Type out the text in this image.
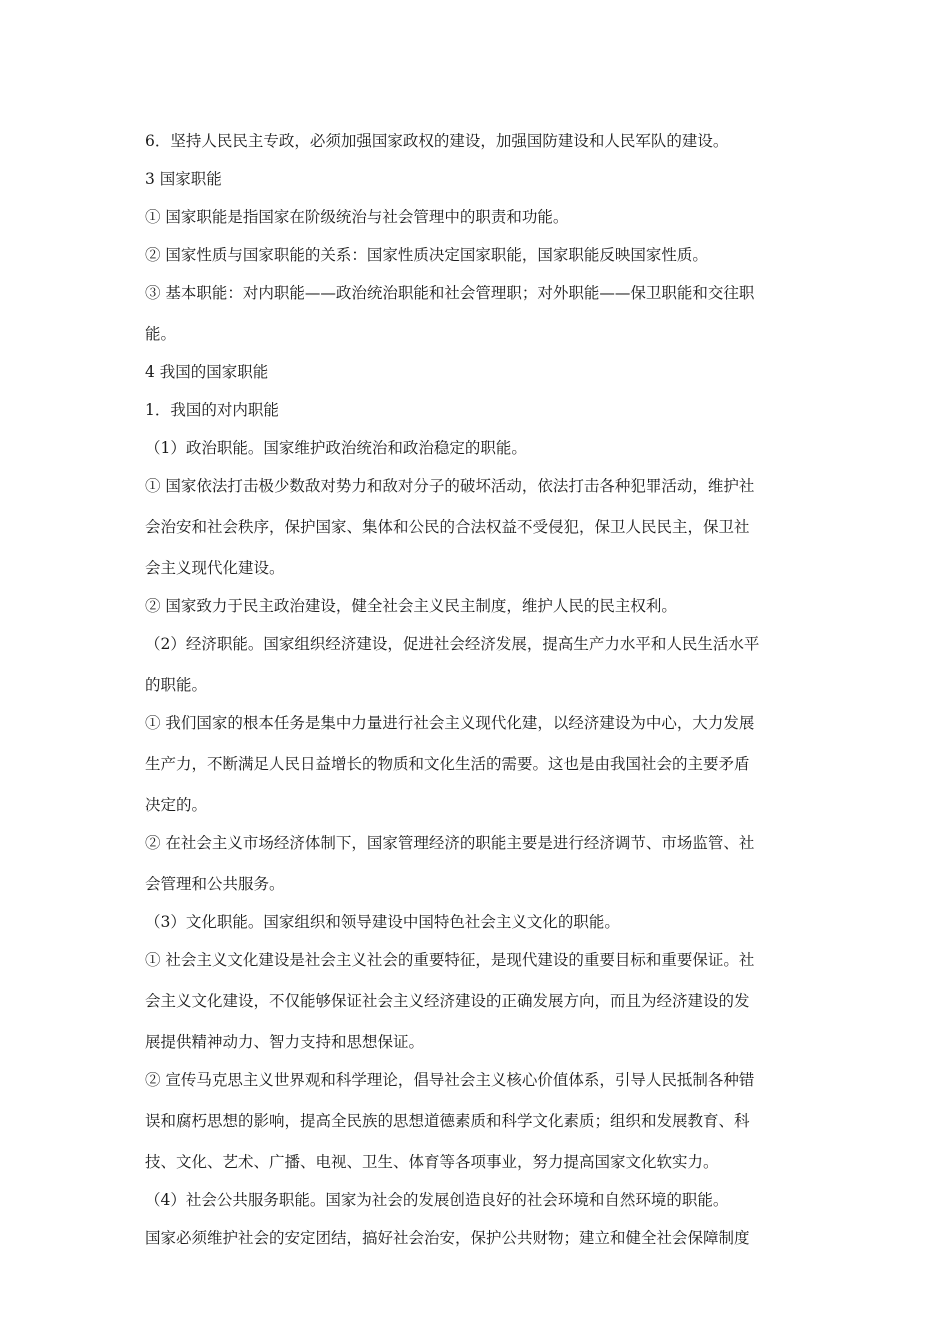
6．坚持人民民主专政，必须加强国家政权的建设，加强国防建设和人民军队的建设。
3 国家职能
① 国家职能是指国家在阶级统治与社会管理中的职责和功能。
② 国家性质与国家职能的关系：国家性质决定国家职能，国家职能反映国家性质。
③ 基本职能：对内职能——政治统治职能和社会管理职；对外职能——保卫职能和交往职
能。
4 我国的国家职能
1．我国的对内职能
（1）政治职能。国家维护政治统治和政治稳定的职能。
① 国家依法打击极少数敌对势力和敌对分子的破坏活动，依法打击各种犯罪活动，维护社
会治安和社会秩序，保护国家、集体和公民的合法权益不受侵犯，保卫人民民主，保卫社
会主义现代化建设。
② 国家致力于民主政治建设，健全社会主义民主制度，维护人民的民主权利。
（2）经济职能。国家组织经济建设，促进社会经济发展，提高生产力水平和人民生活水平
的职能。
① 我们国家的根本任务是集中力量进行社会主义现代化建，以经济建设为中心，大力发展
生产力，不断满足人民日益增长的物质和文化生活的需要。这也是由我国社会的主要矛盾
决定的。
② 在社会主义市场经济体制下，国家管理经济的职能主要是进行经济调节、市场监管、社
会管理和公共服务。
（3）文化职能。国家组织和领导建设中国特色社会主义文化的职能。
① 社会主义文化建设是社会主义社会的重要特征，是现代建设的重要目标和重要保证。社
会主义文化建设，不仅能够保证社会主义经济建设的正确发展方向，而且为经济建设的发
展提供精神动力、智力支持和思想保证。
② 宣传马克思主义世界观和科学理论，倡导社会主义核心价值体系，引导人民抵制各种错
误和腐朽思想的影响，提高全民族的思想道德素质和科学文化素质；组织和发展教育、科
技、文化、艺术、广播、电视、卫生、体育等各项事业，努力提高国家文化软实力。
（4）社会公共服务职能。国家为社会的发展创造良好的社会环境和自然环境的职能。
国家必须维护社会的安定团结，搞好社会治安，保护公共财物；建立和健全社会保障制度
